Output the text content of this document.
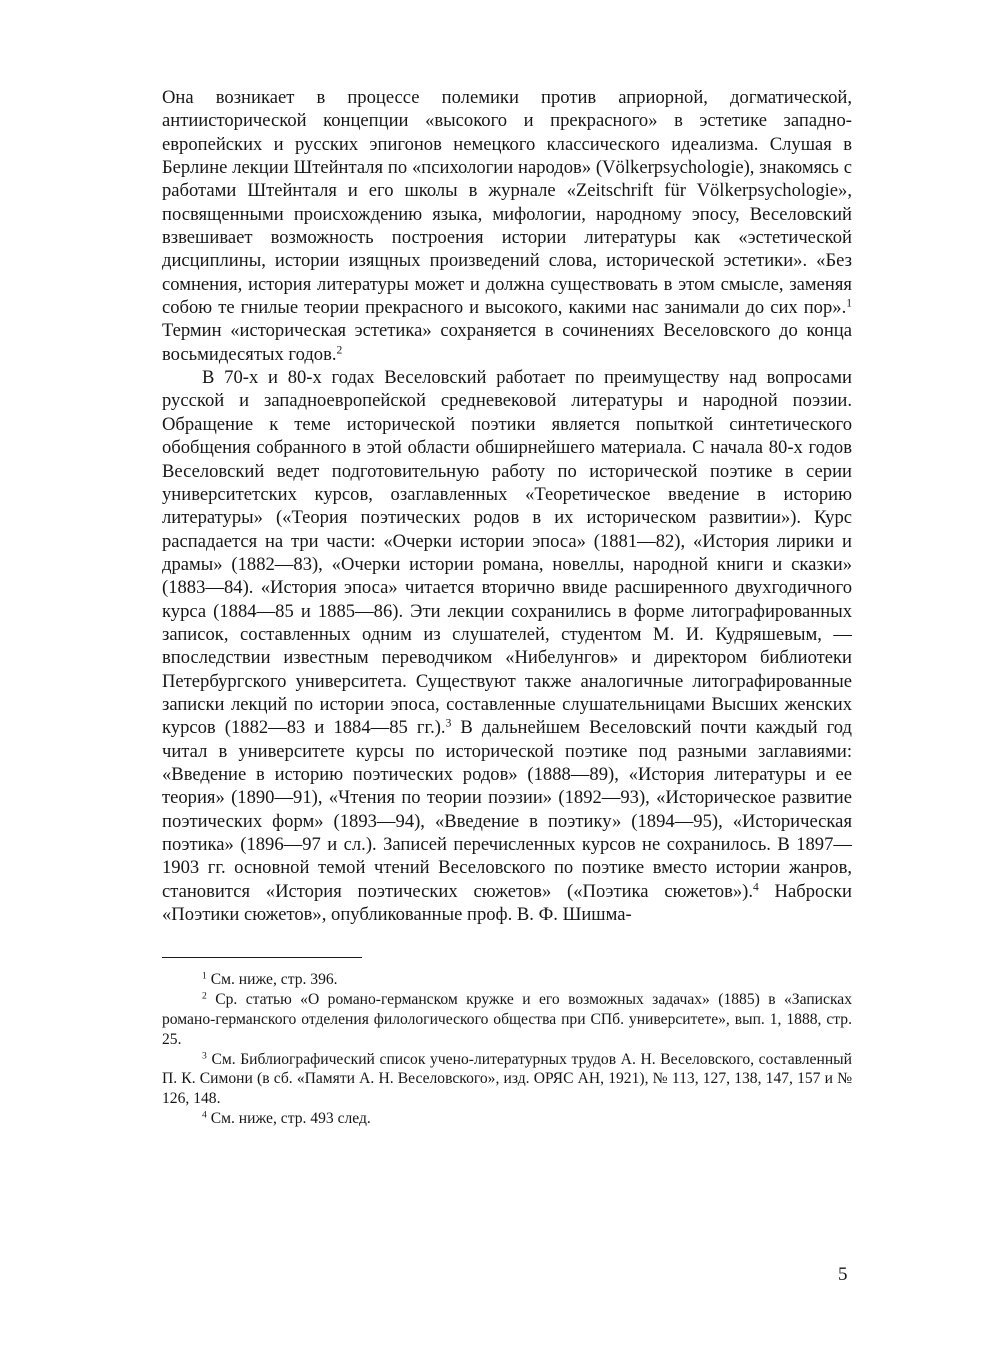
Она возникает в процессе полемики против априорной, догматической, антиисторической концепции «высокого и прекрасного» в эстетике западноевропейских и русских эпигонов немецкого классического идеализма. Слушая в Берлине лекции Штейнталя по «психологии народов» (Völkerpsychologie), знакомясь с работами Штейнталя и его школы в журнале «Zeitschrift für Völkerpsychologie», посвященными происхождению языка, мифологии, народному эпосу, Веселовский взвешивает возможность построения истории литературы как «эстетической дисциплины, истории изящных произведений слова, исторической эстетики». «Без сомнения, история литературы может и должна существовать в этом смысле, заменяя собою те гнилые теории прекрасного и высокого, какими нас занимали до сих пор».$^1$ Термин «историческая эстетика» сохраняется в сочинениях Веселовского до конца восьмидесятых годов.$^2$

В 70-х и 80-х годах Веселовский работает по преимуществу над вопросами русской и западноевропейской средневековой литературы и народной поэзии. Обращение к теме исторической поэтики является попыткой синтетического обобщения собранного в этой области обширнейшего материала. С начала 80-х годов Веселовский ведет подготовительную работу по исторической поэтике в серии университетских курсов, озаглавленных «Теоретическое введение в историю литературы» («Теория поэтических родов в их историческом развитии»). Курс распадается на три части: «Очерки истории эпоса» (1881—82), «История лирики и драмы» (1882—83), «Очерки истории романа, новеллы, народной книги и сказки» (1883—84). «История эпоса» читается вторично ввиде расширенного двухгодичного курса (1884—85 и 1885—86). Эти лекции сохранились в форме литографированных записок, составленных одним из слушателей, студентом М. И. Кудряшевым, — впоследствии известным переводчиком «Нибелунгов» и директором библиотеки Петербургского университета. Существуют также аналогичные литографированные записки лекций по истории эпоса, составленные слушательницами Высших женских курсов (1882—83 и 1884—85 гг.).$^3$ В дальнейшем Веселовский почти каждый год читал в университете курсы по исторической поэтике под разными заглавиями: «Введение в историю поэтических родов» (1888—89), «История литературы и ее теория» (1890—91), «Чтения по теории поэзии» (1892—93), «Историческое развитие поэтических форм» (1893—94), «Введение в поэтику» (1894—95), «Историческая поэтика» (1896—97 и сл.). Записей перечисленных курсов не сохранилось. В 1897—1903 гг. основной темой чтений Веселовского по поэтике вместо истории жанров, становится «История поэтических сюжетов» («Поэтика сюжетов»).$^4$ Наброски «Поэтики сюжетов», опубликованные проф. В. Ф. Шишма-

$^1$ См. ниже, стр. 396.

$^2$ Ср. статью «О романо-германском кружке и его возможных задачах» (1885) в «Записках романо-германского отделения филологического общества при СПб. университете», вып. 1, 1888, стр. 25.

$^3$ См. Библиографический список учено-литературных трудов А. Н. Веселовского, составленный П. К. Симони (в сб. «Памяти А. Н. Веселовского», изд. ОРЯС АН, 1921), № 113, 127, 138, 147, 157 и № 126, 148.

$^4$ См. ниже, стр. 493 след.

5
